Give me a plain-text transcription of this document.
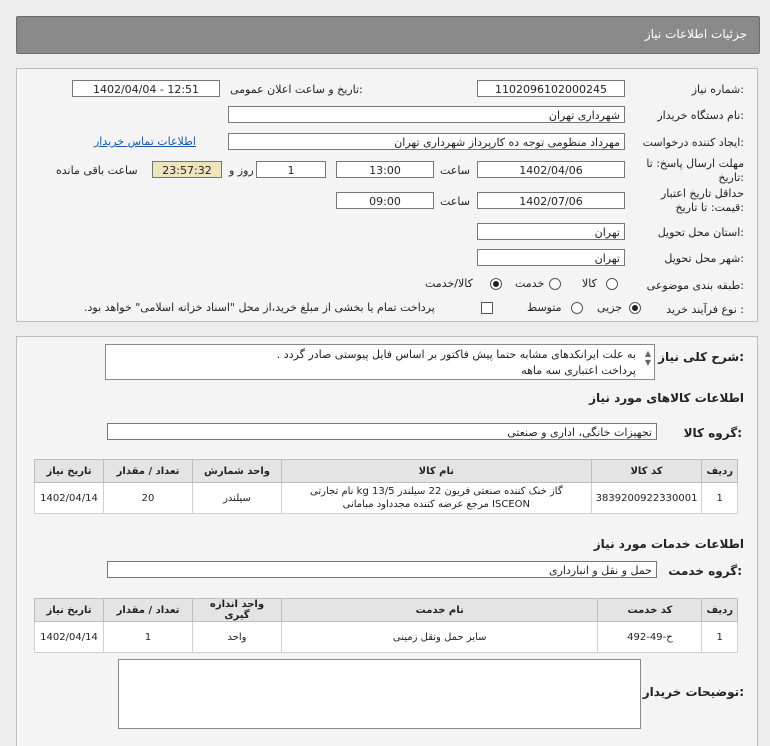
جزئیات اطلاعات نیاز
شماره نیاز:
1102096102000245
تاریخ و ساعت اعلان عمومی:
1402/04/04 - 12:51
نام دستگاه خریدار:
شهرداری تهران
ایجاد کننده درخواست:
مهرداد منظومی توجه ده کارپرداز شهرداری تهران
اطلاعات تماس خریدار
مهلت ارسال پاسخ: تا
تاریخ:
1402/04/06
ساعت
13:00
1
روز و
23:57:32
ساعت باقی مانده
حداقل تاریخ اعتبار
قیمت: تا تاریخ:
1402/07/06
ساعت
09:00
استان محل تحویل:
تهران
شهر محل تحویل:
تهران
طبقه بندی موضوعی:
کالا
خدمت
کالا/خدمت
نوع فرآیند خرید :
جزیی
متوسط
پرداخت تمام یا بخشی از مبلغ خرید،از محل "اسناد خزانه اسلامی" خواهد بود.
شرح کلی نیاز:
به علت ایرانکدهای مشابه حتما پیش فاکتور بر اساس فایل پیوستی صادر گردد .
پرداخت اعتباری سه ماهه
▲
▼
اطلاعات کالاهای مورد نیاز
گروه کالا:
تجهیزات خانگی، اداری و صنعتی
تاریخ نیاز	تعداد / مقدار	واحد شمارش	نام کالا	کد کالا	ردیف
1402/04/14	20	سیلندر	گاز خنک کننده صنعتی فریون 22 سیلندر kg 13/5 نام تجارتی
ISCEON مرجع عرضه کننده مجدداود مبامانی	3839200922330001	1
اطلاعات خدمات مورد نیاز
گروه خدمت:
حمل و نقل و انبارداری
تاریخ نیاز	تعداد / مقدار	واحد اندازه گیری	نام خدمت	کد خدمت	ردیف
1402/04/14	1	واحد	سایر حمل ونقل زمینی	ح-49-492	1
توضیحات خریدار:
